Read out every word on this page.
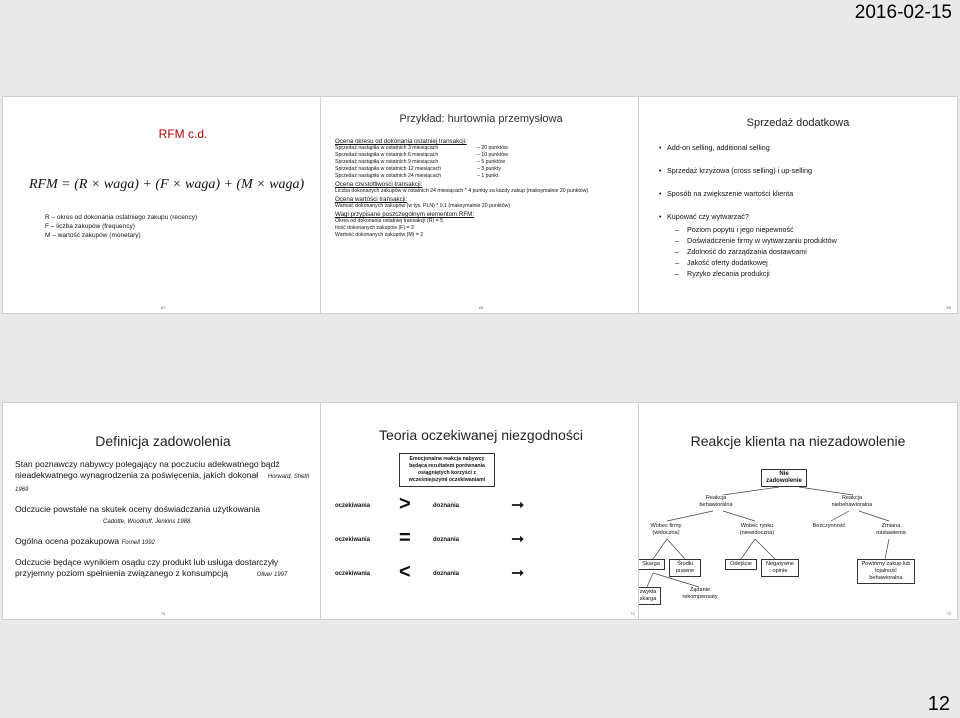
2016-02-15
12
RFM c.d.
RFM = (R × waga) + (F × waga) + (M × waga)
R – okres od dokonania ostatniego zakupu (recency)
F – liczba zakupów (frequency)
M – wartość zakupów (monetary)
67
Przykład: hurtownia przemysłowa
Ocena okresu od dokonania ostatniej transakcji:
Sprzedaż nastąpiła w ostatnich 3 miesiącach	– 20 punktów
Sprzedaż nastąpiła w ostatnich 6 miesiącach	– 10 punktów
Sprzedaż nastąpiła w ostatnich 9 miesiącach	– 5 punktów
Sprzedaż nastąpiła w ostatnich 12 miesiącach	– 3 punkty
Sprzedaż nastąpiła w ostatnich 24 miesiącach	– 1 punkt
Ocena częstotliwości transakcji:
Liczba dokonanych zakupów w ostatnich 24 miesiącach * 4 punkty za każdy zakup (maksymalnie 20 punktów)
Ocena wartości transakcji:
Wartość dokonanych zakupów (w tys. PLN) * 0,1 (maksymalnie 20 punktów)
Wagi przypisane poszczególnym elementom RFM:
Okres od dokonania ostatniej transakcji (R) = 5
Ilość dokonanych zakupów (F) = 3
Wartość dokonanych zakupów (M) = 2
68
Sprzedaż dodatkowa
• Add-on selling, additional selling
• Sprzedaż krzyżowa (cross selling) i up-selling
• Sposób na zwiększenie wartości klienta
• Kupować czy wytwarzać?
– Poziom popytu i jego niepewność
– Doświadczenie firmy w wytwarzaniu produktów
– Zdolność do zarządzania dostawcami
– Jakość oferty dodatkowej
– Ryzyko zlecania produkcji
69
Definicja zadowolenia
Stan poznawczy nabywcy polegający na poczuciu adekwatnego bądź nieadekwatnego wynagrodzenia za poświęcenia, jakich dokonał Horward, Sheth 1969
Odczucie powstałe na skutek oceny doświadczania użytkowania
Cadotte, Woodruff, Jenkins 1988
Ogólna ocena pozakupowa Fornell 1992
Odczucie będące wynikiem osądu czy produkt lub usługa dostarczyły przyjemny poziom spełnienia związanego z konsumpcją	Oliver 1997
70
Teoria oczekiwanej niezgodności
Emocjonalna reakcja nabywcy będąca rezultatem porównania osiągniętych korzyści z wcześniejszymi oczekiwaniami
oczekiwania >	doznania	➞
oczekiwania =	doznania	➞
oczekiwania <	doznania	➞
71
Reakcje klienta na niezadowolenie
Nie zadowolenie
Reakcja behawioralna
Reakcja niebehawioralna
Wobec firmy (widoczna)
Wobec rynku (niewidoczna)
Bezczynność	Zmiana nastawienia
Skarga	Środki prawne
Odejście	Negatywne opinie
Powtórny zakup lub lojalność behawioralna
zwykła skarga
Żądanie rekompensaty
72
